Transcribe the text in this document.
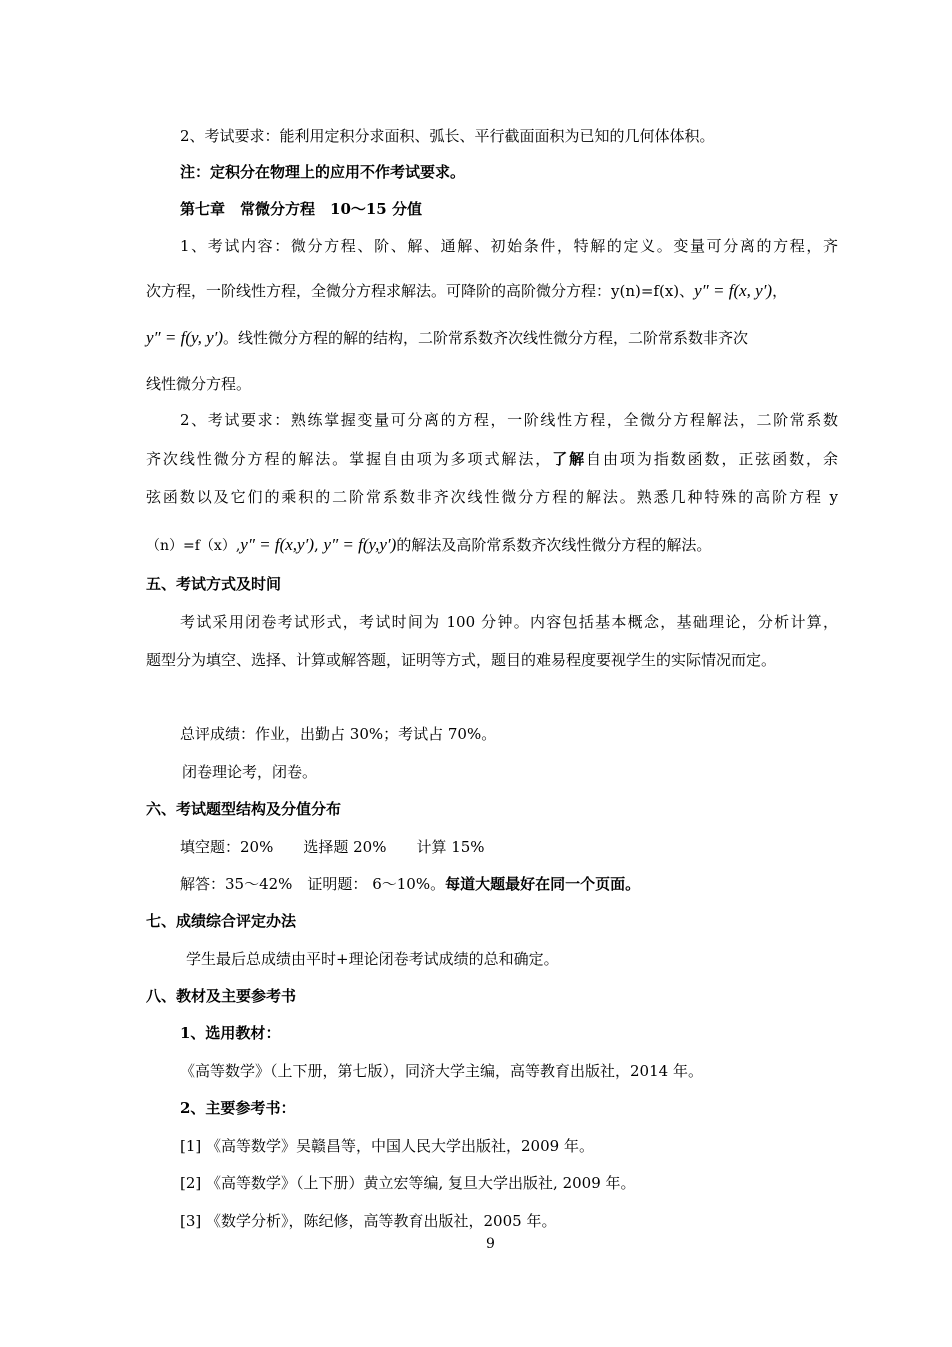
2、考试要求：能利用定积分求面积、弧长、平行截面面积为已知的几何体体积。
注：定积分在物理上的应用不作考试要求。
第七章　常微分方程　10～15 分值
1、考试内容：微分方程、阶、解、通解、初始条件，特解的定义。变量可分离的方程，齐
次方程，一阶线性方程，全微分方程求解法。可降阶的高阶微分方程：y(n)=f(x)、y″ = f(x, y′)，
y″ = f(y, y′)。线性微分方程的解的结构，二阶常系数齐次线性微分方程，二阶常系数非齐次
线性微分方程。
2、考试要求：熟练掌握变量可分离的方程，一阶线性方程，全微分方程解法，二阶常系数
齐次线性微分方程的解法。掌握自由项为多项式解法，了解自由项为指数函数，正弦函数，余
弦函数以及它们的乘积的二阶常系数非齐次线性微分方程的解法。熟悉几种特殊的高阶方程 y
（n）=f（x）,y″ = f(x,y′), y″ = f(y,y′)的解法及高阶常系数齐次线性微分方程的解法。
五、考试方式及时间
考试采用闭卷考试形式，考试时间为 100 分钟。内容包括基本概念，基础理论，分析计算，
题型分为填空、选择、计算或解答题，证明等方式，题目的难易程度要视学生的实际情况而定。
总评成绩：作业，出勤占 30%；考试占 70%。
闭卷理论考，闭卷。
六、考试题型结构及分值分布
填空题：20%　　选择题 20%　　计算 15%
解答：35～42%　证明题： 6～10%。每道大题最好在同一个页面。
七、成绩综合评定办法
学生最后总成绩由平时+理论闭卷考试成绩的总和确定。
八、教材及主要参考书
1、选用教材：
《高等数学》（上下册，第七版），同济大学主编，高等教育出版社，2014 年。
2、主要参考书：
[1] 《高等数学》吴赣昌等，中国人民大学出版社，2009 年。
[2] 《高等数学》（上下册）黄立宏等编, 复旦大学出版社, 2009 年。
[3] 《数学分析》，陈纪修，高等教育出版社，2005 年。
9
